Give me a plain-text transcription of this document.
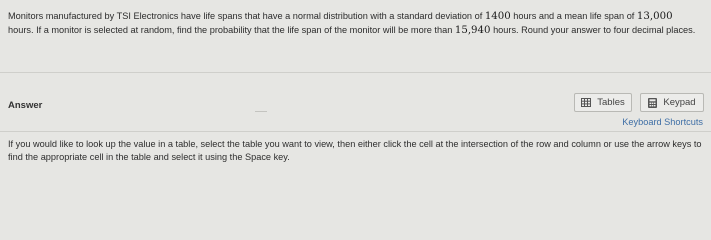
Monitors manufactured by TSI Electronics have life spans that have a normal distribution with a standard deviation of 1400 hours and a mean life span of 13,000 hours. If a monitor is selected at random, find the probability that the life span of the monitor will be more than 15,940 hours. Round your answer to four decimal places.
Answer	Tables	Keypad
Keyboard Shortcuts
If you would like to look up the value in a table, select the table you want to view, then either click the cell at the intersection of the row and column or use the arrow keys to find the appropriate cell in the table and select it using the Space key.
